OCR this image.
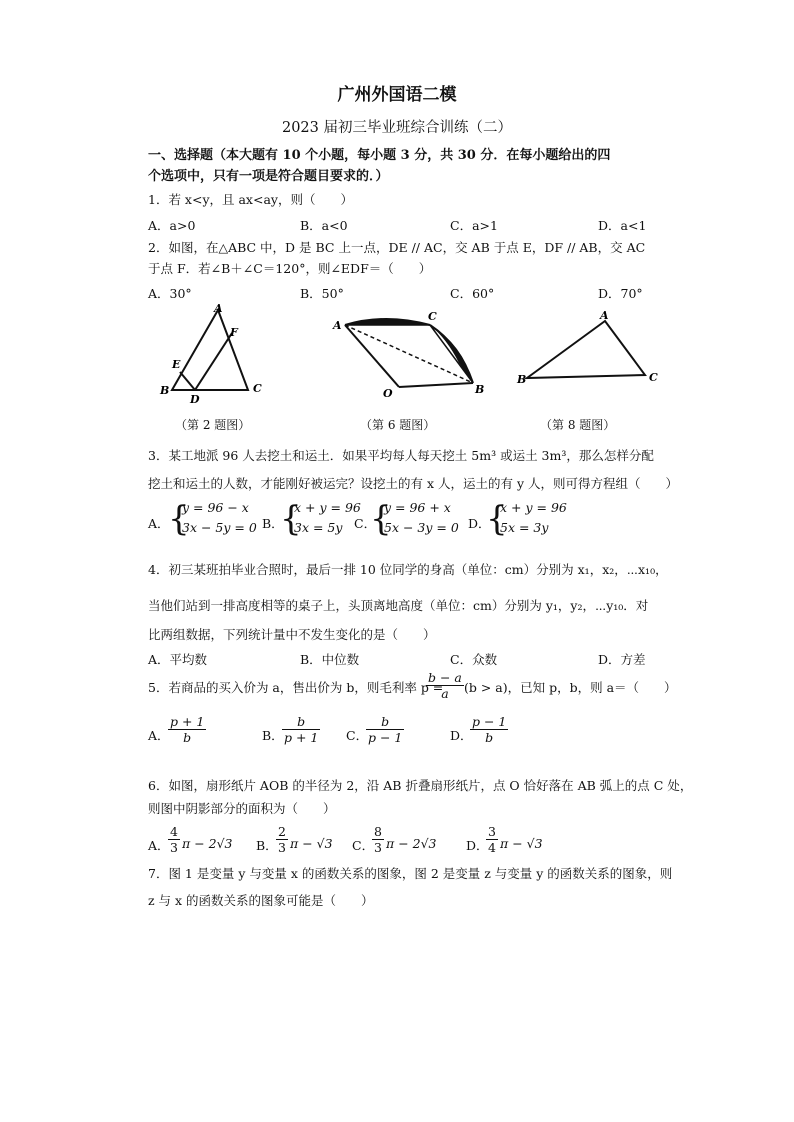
广州外国语二模
2023 届初三毕业班综合训练（二）
一、选择题（本大题有 10 个小题，每小题 3 分，共 30 分．在每小题给出的四
个选项中，只有一项是符合题目要求的．）
1．若 x<y，且 ax<ay，则（　　）
A．a>0	B．a<0	C．a>1	D．a<1
2．如图，在△ABC 中，D 是 BC 上一点，DE // AC，交 AB 于点 E，DF // AB，交 AC
于点 F．若∠B＋∠C＝120°，则∠EDF＝（　　）
A．30°	B．50°	C．60°	D．70°
A
B	C
D
E
F
A
C
B
O
A
B	C
（第 2 题图）	（第 6 题图）	（第 8 题图）
3．某工地派 96 人去挖土和运土．如果平均每人每天挖土 5m³ 或运土 3m³，那么怎样分配
挖土和运土的人数，才能刚好被运完？设挖土的有 x 人，运土的有 y 人，则可得方程组（　　）
A．
{
y = 96 − x
3x − 5y = 0 B．
{
x + y = 96
3x = 5y C．
{
y = 96 + x
5x − 3y = 0 D．
{
x + y = 96
5x = 3y
4．初三某班拍毕业合照时，最后一排 10 位同学的身高（单位：cm）分别为 x₁，x₂，⋯x₁₀，
当他们站到一排高度相等的桌子上，头顶离地高度（单位：cm）分别为 y₁，y₂，⋯y₁₀．对
比两组数据，下列统计量中不发生变化的是（　　）
A．平均数	B．中位数	C．众数	D．方差
5．若商品的买入价为 a，售出价为 b，则毛利率 p =
$\frac{b - a}{a} (b > a)$，已知 p，b，则 a＝（　　）
A．
$\frac{p + 1}{b}$	B．
$\frac{b}{p + 1}$ C．
$\frac{b}{p - 1}$	D．
$\frac{p - 1}{b}$
6．如图，扇形纸片 AOB 的半径为 2，沿 AB 折叠扇形纸片，点 O 恰好落在 AB 弧上的点 C 处，
则图中阴影部分的面积为（　　）
A．
$\frac{4}{3}$ π − 2√3 B．
$\frac{2}{3}$ π − √3 C．
$\frac{8}{3}$ π − 2√3 D．
$\frac{3}{4}$ π − √3
7．图 1 是变量 y 与变量 x 的函数关系的图象，图 2 是变量 z 与变量 y 的函数关系的图象，则
z 与 x 的函数关系的图象可能是（　　）
